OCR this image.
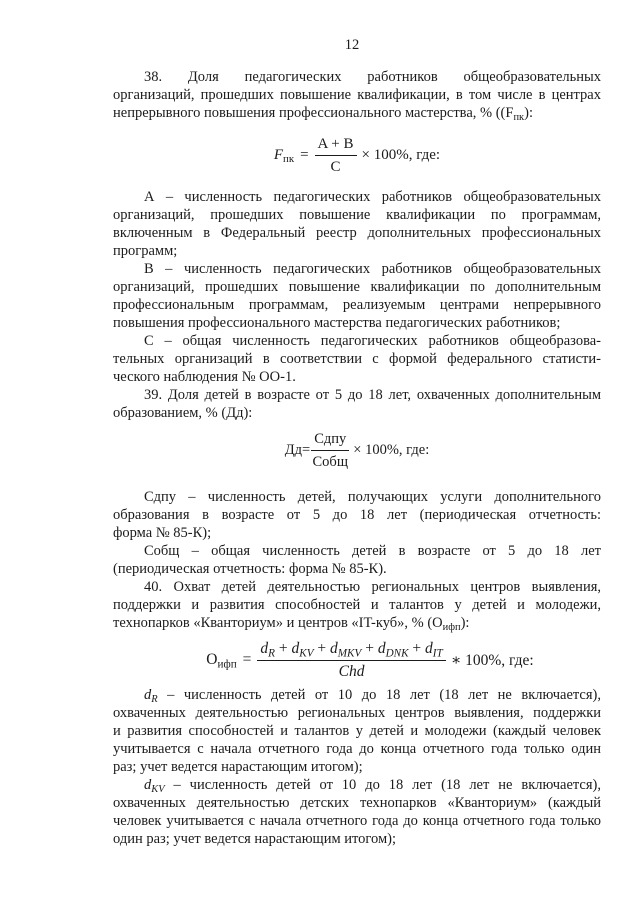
12
38. Доля педагогических работников общеобразовательных
организаций, прошедших повышение квалификации, в том числе в центрах
непрерывного повышения профессионального мастерства, % ($(F_{пк})$:
$F_{пк} = \frac{A + B}{C} \times 100\%$, где:
А – численность педагогических работников общеобразовательных
организаций, прошедших повышение квалификации по программам,
включенным в Федеральный реестр дополнительных профессиональных
программ;
В – численность педагогических работников общеобразовательных
организаций, прошедших повышение квалификации по дополнительным
профессиональным программам, реализуемым центрами непрерывного
повышения профессионального мастерства педагогических работников;
С – общая численность педагогических работников общеобразова-
тельных организаций в соответствии с формой федерального статисти-
ческого наблюдения № ОО-1.
39. Доля детей в возрасте от 5 до 18 лет, охваченных дополнительным
образованием, % (Дд):
$Дд= \frac{\text{Сдпу}}{\text{Собщ}} \times 100\%$, где:
Сдпу – численность детей, получающих услуги дополнительного
образования в возрасте от 5 до 18 лет (периодическая отчетность:
форма № 85-К);
Собщ – общая численность детей в возрасте от 5 до 18 лет
(периодическая отчетность: форма № 85-К).
40. Охват детей деятельностью региональных центров выявления,
поддержки и развития способностей и талантов у детей и молодежи,
технопарков «Кванториум» и центров «IT-куб», % $(О_{ифп})$:
$О_{ифп} = \frac{d_R + d_{KV} + d_{MKV} + d_{DNK} + d_{IT}}{\text{Chd}}$ ∗ 100%, где:
$d_R$ – численность детей от 10 до 18 лет (18 лет не включается),
охваченных деятельностью региональных центров выявления, поддержки
и развития способностей и талантов у детей и молодежи (каждый человек
учитывается с начала отчетного года до конца отчетного года только один
раз; учет ведется нарастающим итогом);
$d_{KV}$ – численность детей от 10 до 18 лет (18 лет не включается),
охваченных деятельностью детских технопарков «Кванториум» (каждый
человек учитывается с начала отчетного года до конца отчетного года только
один раз; учет ведется нарастающим итогом);
